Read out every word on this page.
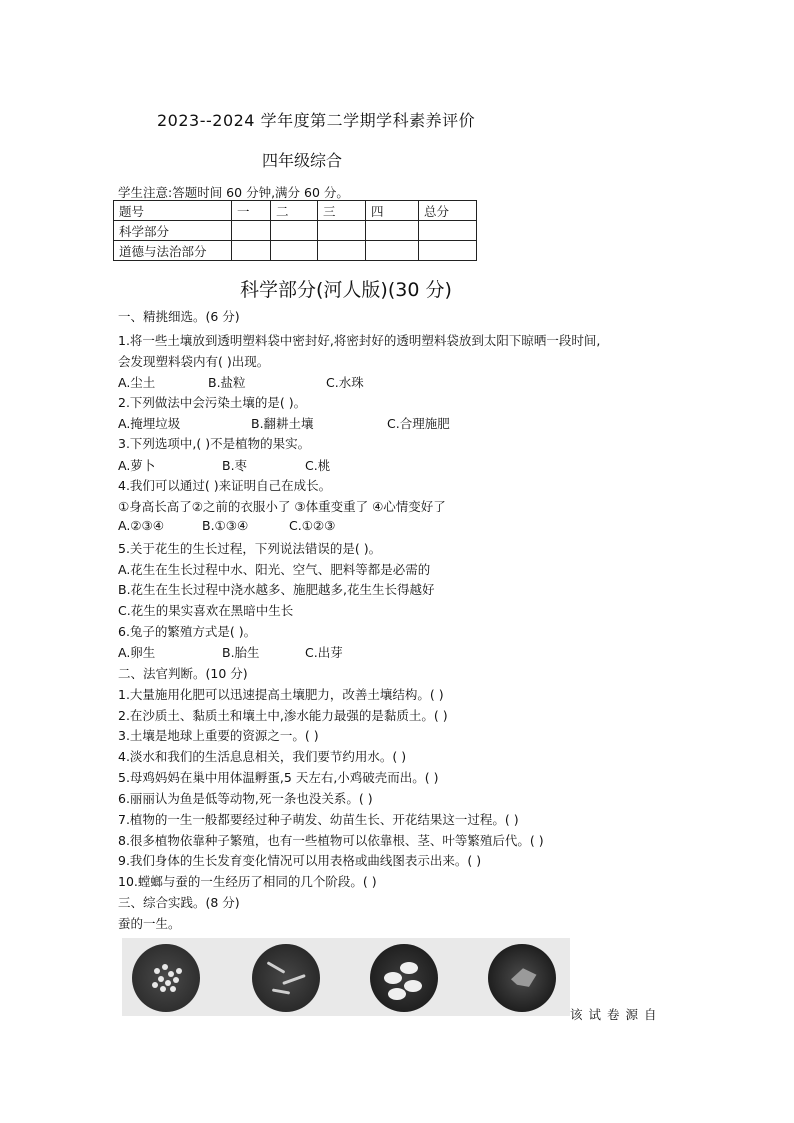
2023--2024 学年度第二学期学科素养评价
四年级综合
学生注意:答题时间 60 分钟,满分 60 分。
题号	一	二	三	四	总分
科学部分					
道德与法治部分					
科学部分(河人版)(30 分)
一、精挑细选。(6 分)
1.将一些土壤放到透明塑料袋中密封好,将密封好的透明塑料袋放到太阳下晾晒一段时间,
会发现塑料袋内有( )出现。
A.尘土	B.盐粒	C.水珠
2.下列做法中会污染土壤的是( )。
A.掩埋垃圾	B.翻耕土壤	C.合理施肥
3.下列选项中,( )不是植物的果实。
A.萝卜	B.枣	C.桃
4.我们可以通过( )来证明自己在成长。
①身高长高了②之前的衣服小了 ③体重变重了 ④心情变好了
A.②③④	B.①③④	C.①②③
5.关于花生的生长过程，下列说法错误的是( )。
A.花生在生长过程中水、阳光、空气、肥料等都是必需的
B.花生在生长过程中浇水越多、施肥越多,花生生长得越好
C.花生的果实喜欢在黑暗中生长
6.兔子的繁殖方式是( )。
A.卵生	B.胎生	C.出芽
二、法官判断。(10 分)
1.大量施用化肥可以迅速提高土壤肥力，改善土壤结构。( )
2.在沙质土、黏质土和壤土中,渗水能力最强的是黏质土。( )
3.土壤是地球上重要的资源之一。( )
4.淡水和我们的生活息息相关，我们要节约用水。( )
5.母鸡妈妈在巢中用体温孵蛋,5 天左右,小鸡破壳而出。( )
6.丽丽认为鱼是低等动物,死一条也没关系。( )
7.植物的一生一般都要经过种子萌发、幼苗生长、开花结果这一过程。( )
8.很多植物依靠种子繁殖，也有一些植物可以依靠根、茎、叶等繁殖后代。( )
9.我们身体的生长发育变化情况可以用表格或曲线图表示出来。( )
10.螳螂与蚕的一生经历了相同的几个阶段。( )
三、综合实践。(8 分)
蚕的一生。
该试卷源自
